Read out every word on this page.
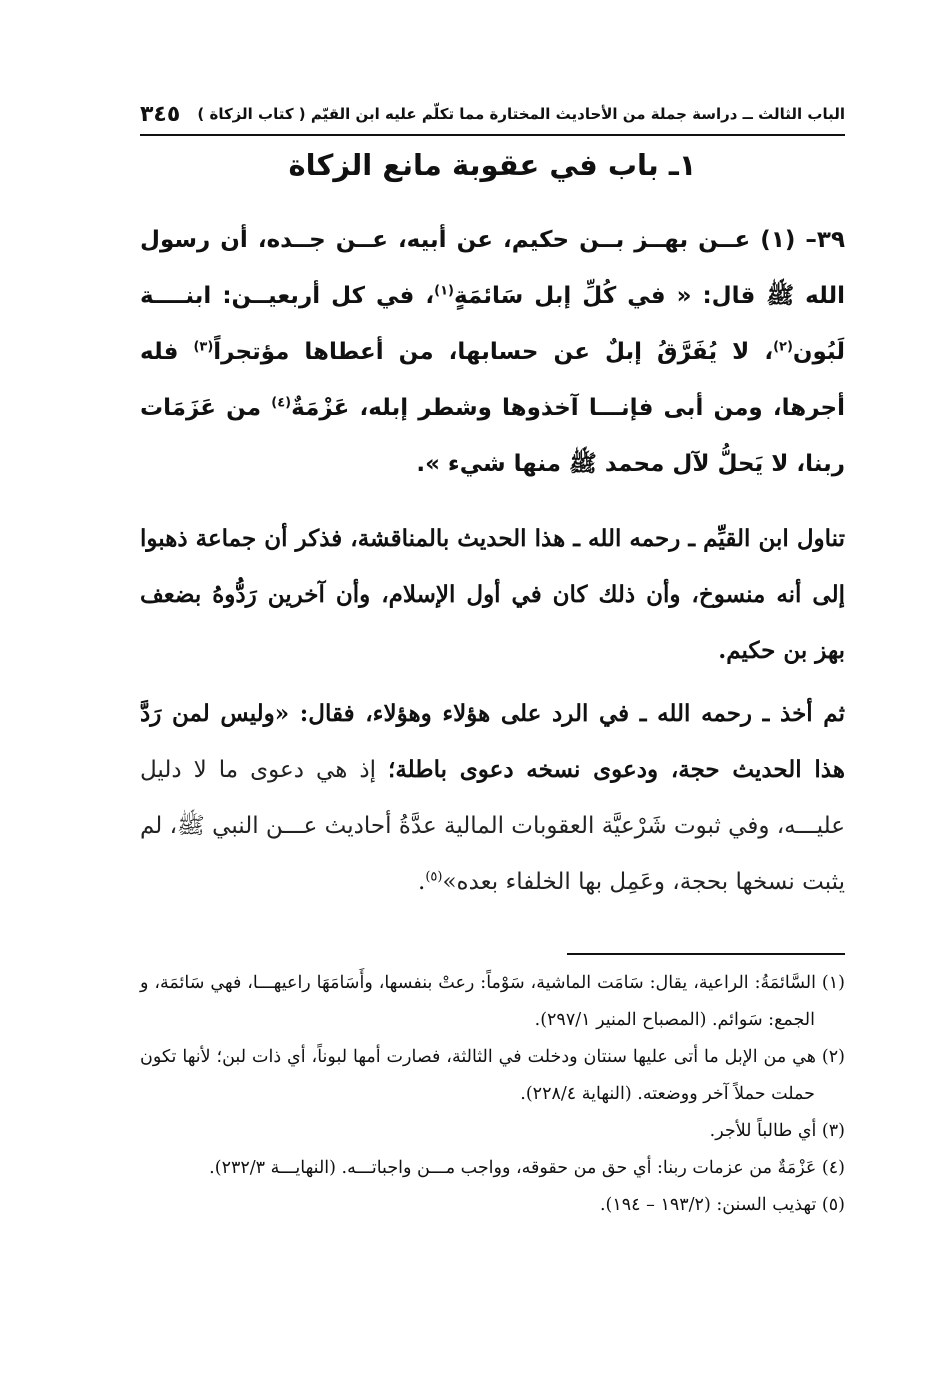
الباب الثالث ــ دراسة جملة من الأحاديث المختارة مما تكلّم عليه ابن القيّم ( كتاب الزكاة )
٣٤٥
١ـ باب في عقوبة مانع الزكاة
٣٩– (١) عــن بهــز بــن حكيم، عن أبيه، عــن جــده، أن رسول الله ﷺ قال: « في كُلِّ إبل سَائمَةٍ$^{(١)}$، في كل أربعيــن: ابنــــة لَبُون$^{(٢)}$، لا يُفَرَّقُ إبلٌ عن حسابها، من أعطاها مؤتجراً$^{(٣)}$ فله أجرها، ومن أبى فإنـــا آخذوها وشطر إبله، عَزْمَةٌ$^{(٤)}$ من عَزَمَات ربنا، لا يَحلُّ لآل محمد ﷺ منها شيء ».
تناول ابن القيِّم ـ رحمه الله ـ هذا الحديث بالمناقشة، فذكر أن جماعة ذهبوا إلى أنه منسوخ، وأن ذلك كان في أول الإسلام، وأن آخرين رَدُّوهُ بضعف بهز بن حكيم.
ثم أخذ ـ رحمه الله ـ في الرد على هؤلاء وهؤلاء، فقال: «وليس لمن رَدَّ هذا الحديث حجة، ودعوى نسخه دعوى باطلة؛ إذ هي دعوى ما لا دليل عليـــه، وفي ثبوت شَرْعيَّة العقوبات المالية عدَّةُ أحاديث عـــن النبي ﷺ، لم يثبت نسخها بحجة، وعَمِل بها الخلفاء بعده»$^{(٥)}$.

(١) السَّائمَةُ: الراعية، يقال: سَامَت الماشية، سَوْماً: رعتْ بنفسها، وأَسَامَهَا راعيهـــا، فهي سَائمَة، و الجمع: سَوائم. (المصباح المنير ٢٩٧/١).

(٢) هي من الإبل ما أتى عليها سنتان ودخلت في الثالثة، فصارت أمها لبوناً، أي ذات لبن؛ لأنها تكون حملت حملاً آخر ووضعته. (النهاية ٢٢٨/٤).

(٣) أي طالباً للأجر.

(٤) عَزْمَةٌ من عزمات ربنا: أي حق من حقوقه، وواجب مـــن واجباتـــه. (النهايـــة ٢٣٢/٣).

(٥) تهذيب السنن: (١٩٣/٢ – ١٩٤).
